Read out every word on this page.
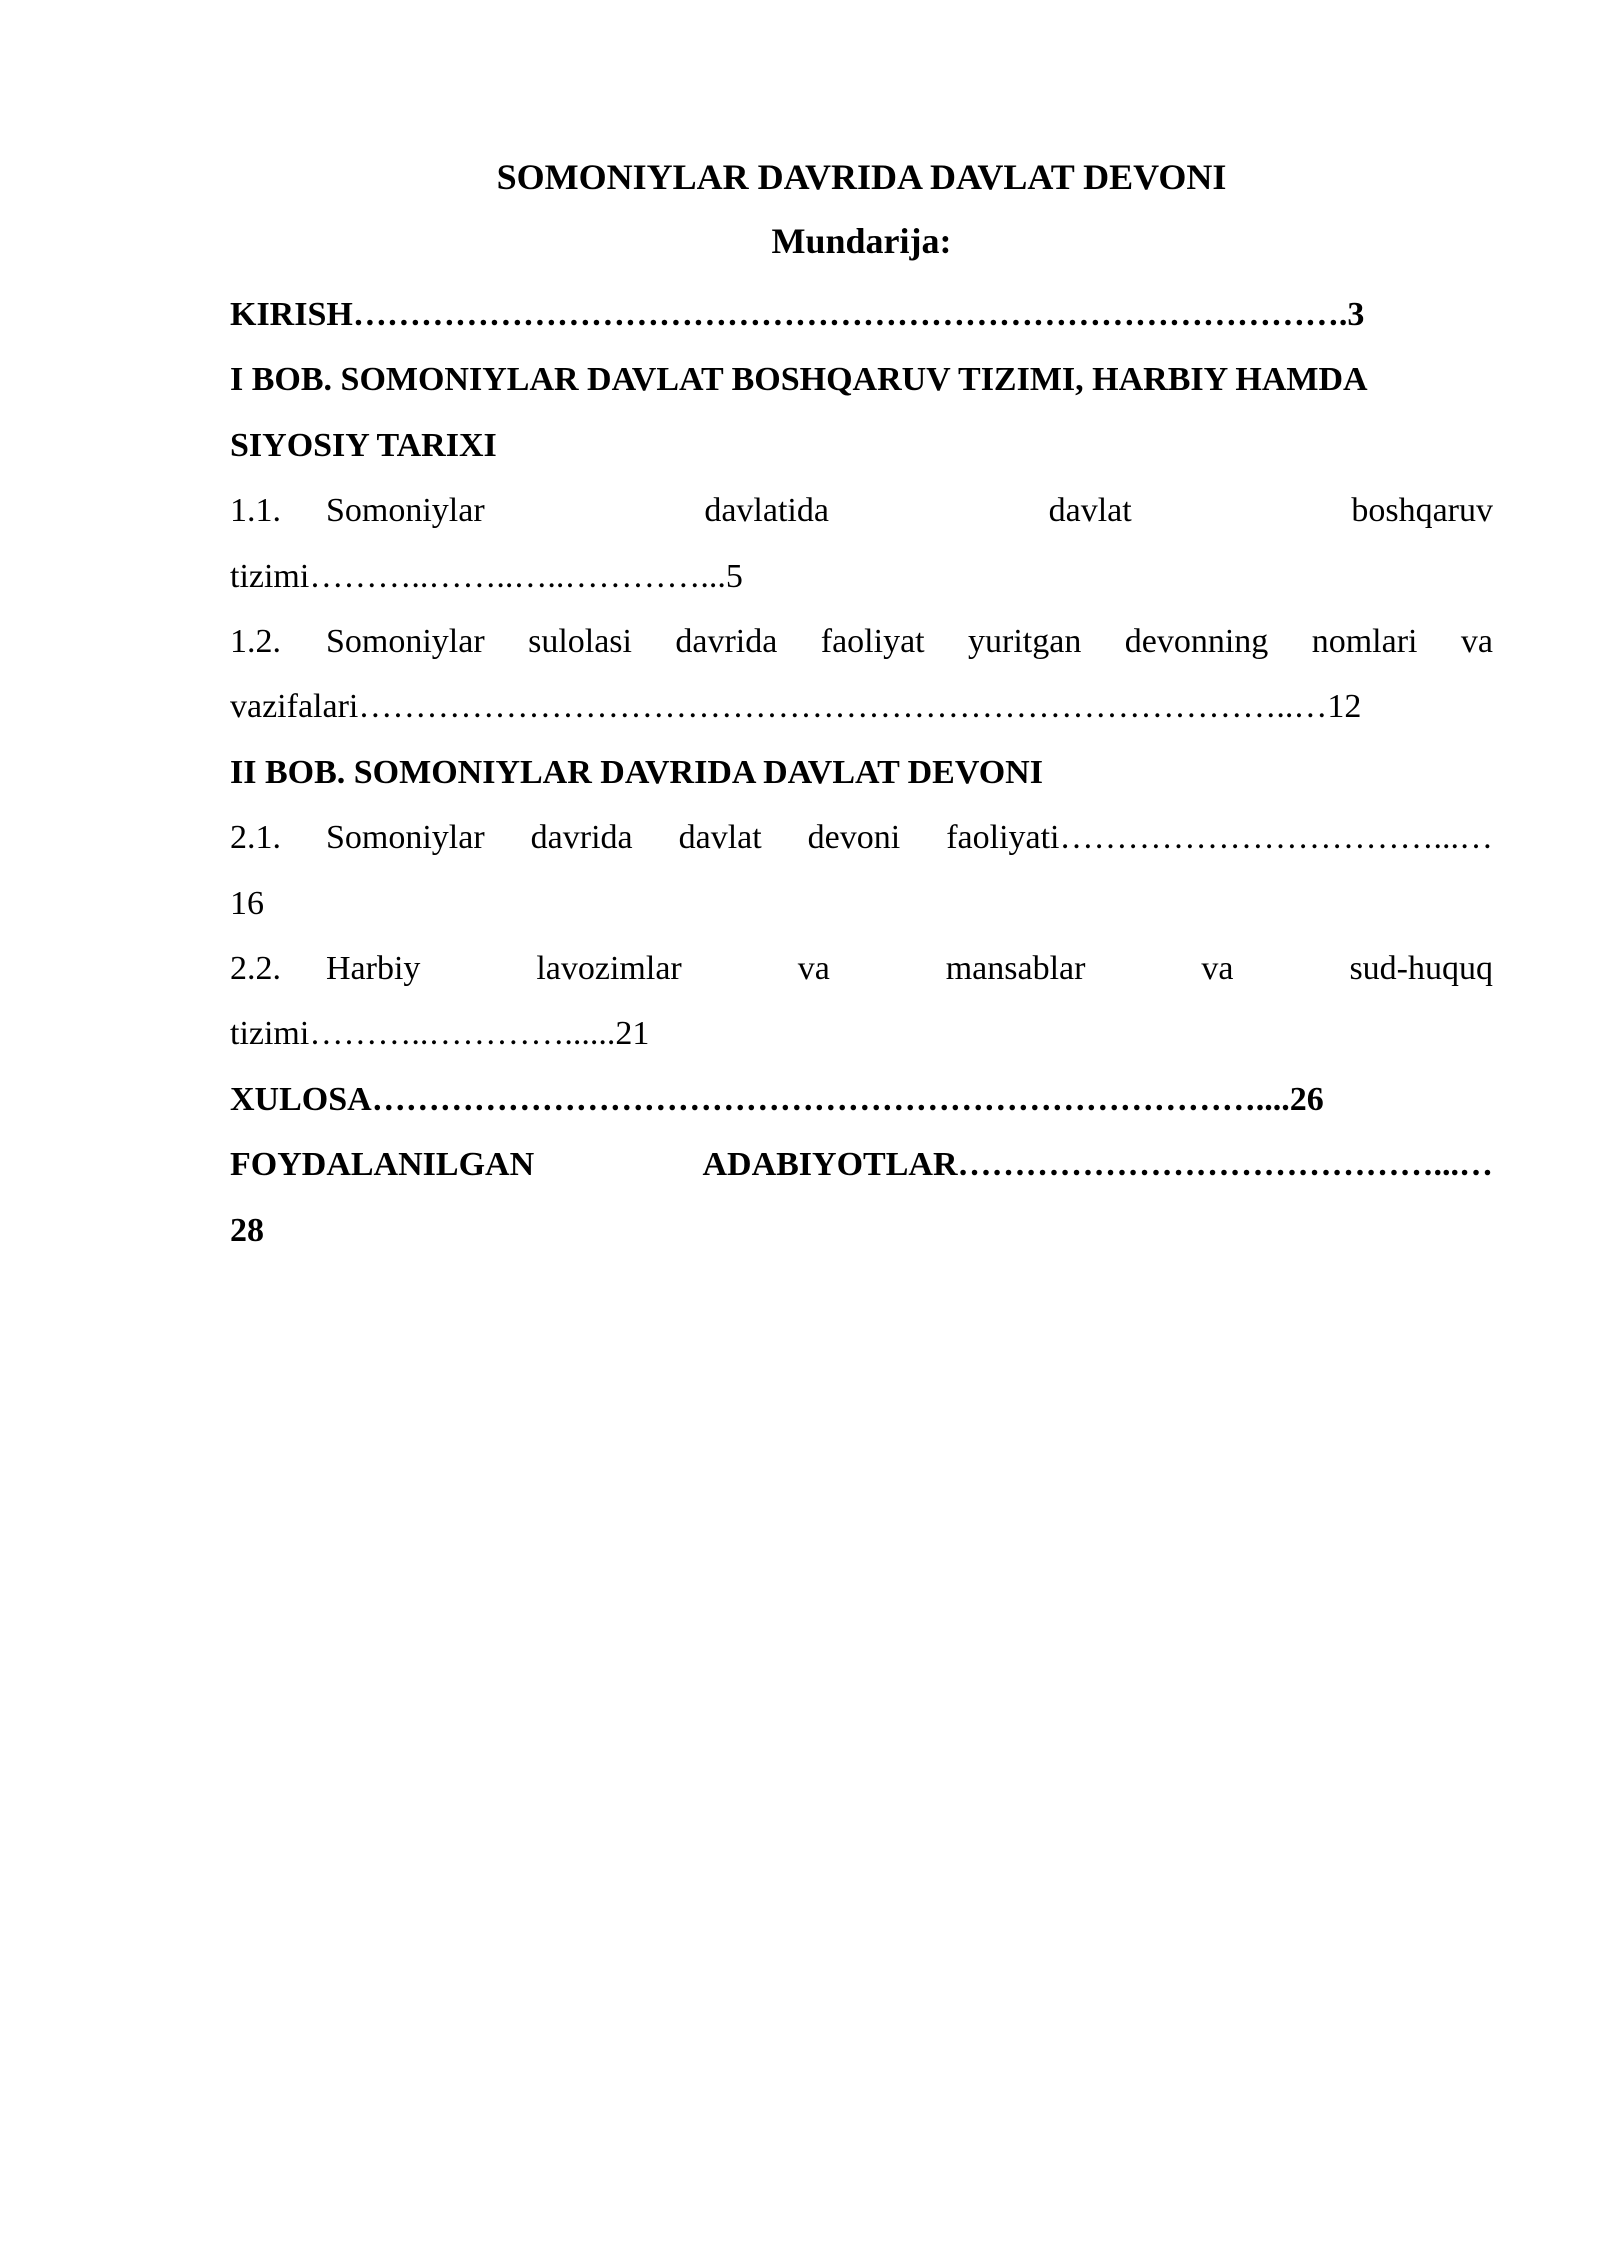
SOMONIYLAR DAVRIDA DAVLAT DEVONI
Mundarija:
KIRISH…………………………………………………………………………….3
I BOB. SOMONIYLAR DAVLAT BOSHQARUV TIZIMI, HARBIY HAMDA
SIYOSIY TARIXI
1.1. Somoniylar davlatida davlat boshqaruv
tizimi………..……..…..…………...5
1.2. Somoniylar sulolasi davrida faoliyat yuritgan devonning nomlari va
vazifalari………………………………………………………………………..…12
II BOB. SOMONIYLAR DAVRIDA DAVLAT DEVONI
2.1. Somoniylar davrida davlat devoni faoliyati……………………………...…
16
2.2. Harbiy lavozimlar va mansablar va sud-huquq
tizimi………..…………......21
XULOSA……………………………………………………………………....26
FOYDALANILGAN ADABIYOTLAR……………………………………...…
28
